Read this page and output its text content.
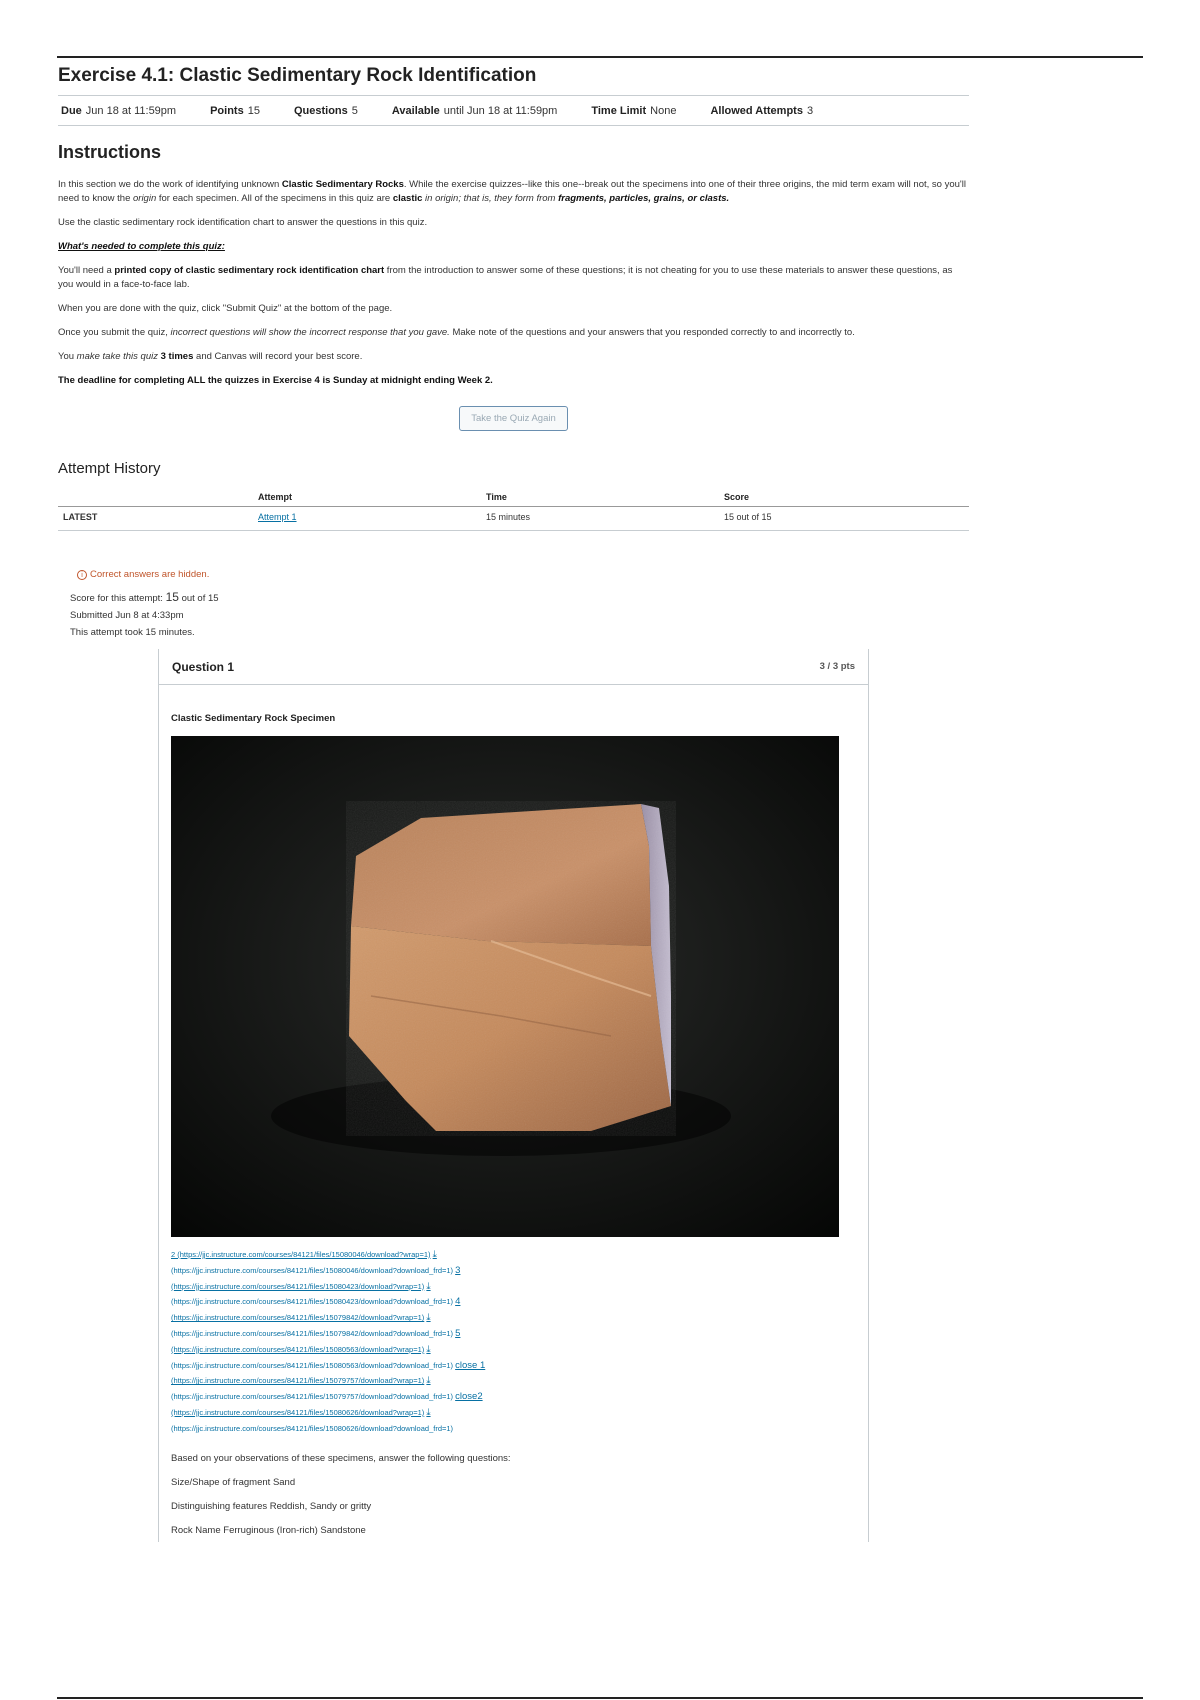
Exercise 4.1: Clastic Sedimentary Rock Identification
Due Jun 18 at 11:59pm	Points 15	Questions 5	Available until Jun 18 at 11:59pm	Time Limit None	Allowed Attempts 3
Instructions

In this section we do the work of identifying unknown Clastic Sedimentary Rocks. While the exercise quizzes--like this one--break out the specimens into one of their three origins, the mid term exam will not, so you'll need to know the origin for each specimen. All of the specimens in this quiz are clastic in origin; that is, they form from fragments, particles, grains, or clasts.

Use the clastic sedimentary rock identification chart to answer the questions in this quiz.

What's needed to complete this quiz:

You'll need a printed copy of clastic sedimentary rock identification chart from the introduction to answer some of these questions; it is not cheating for you to use these materials to answer these questions, as you would in a face-to-face lab.

When you are done with the quiz, click "Submit Quiz" at the bottom of the page.

Once you submit the quiz, incorrect questions will show the incorrect response that you gave. Make note of the questions and your answers that you responded correctly to and incorrectly to.

You make take this quiz 3 times and Canvas will record your best score.

The deadline for completing ALL the quizzes in Exercise 4 is Sunday at midnight ending Week 2.

Take the Quiz Again
Attempt History
	Attempt	Time	Score
LATEST	Attempt 1	15 minutes	15 out of 15
i Correct answers are hidden.
Score for this attempt: 15 out of 15
Submitted Jun 8 at 4:33pm
This attempt took 15 minutes.
Question 1	3 / 3 pts
Clastic Sedimentary Rock Specimen
2 (https://jjc.instructure.com/courses/84121/files/15080046/download?wrap=1) ⤓
(https://jjc.instructure.com/courses/84121/files/15080046/download?download_frd=1) 3
(https://jjc.instructure.com/courses/84121/files/15080423/download?wrap=1) ⤓
(https://jjc.instructure.com/courses/84121/files/15080423/download?download_frd=1) 4
(https://jjc.instructure.com/courses/84121/files/15079842/download?wrap=1) ⤓
(https://jjc.instructure.com/courses/84121/files/15079842/download?download_frd=1) 5
(https://jjc.instructure.com/courses/84121/files/15080563/download?wrap=1) ⤓
(https://jjc.instructure.com/courses/84121/files/15080563/download?download_frd=1) close 1
(https://jjc.instructure.com/courses/84121/files/15079757/download?wrap=1) ⤓
(https://jjc.instructure.com/courses/84121/files/15079757/download?download_frd=1) close2
(https://jjc.instructure.com/courses/84121/files/15080626/download?wrap=1) ⤓
(https://jjc.instructure.com/courses/84121/files/15080626/download?download_frd=1)
Based on your observations of these specimens, answer the following questions:
Size/Shape of fragment Sand
Distinguishing features Reddish, Sandy or gritty
Rock Name Ferruginous (Iron-rich) Sandstone
